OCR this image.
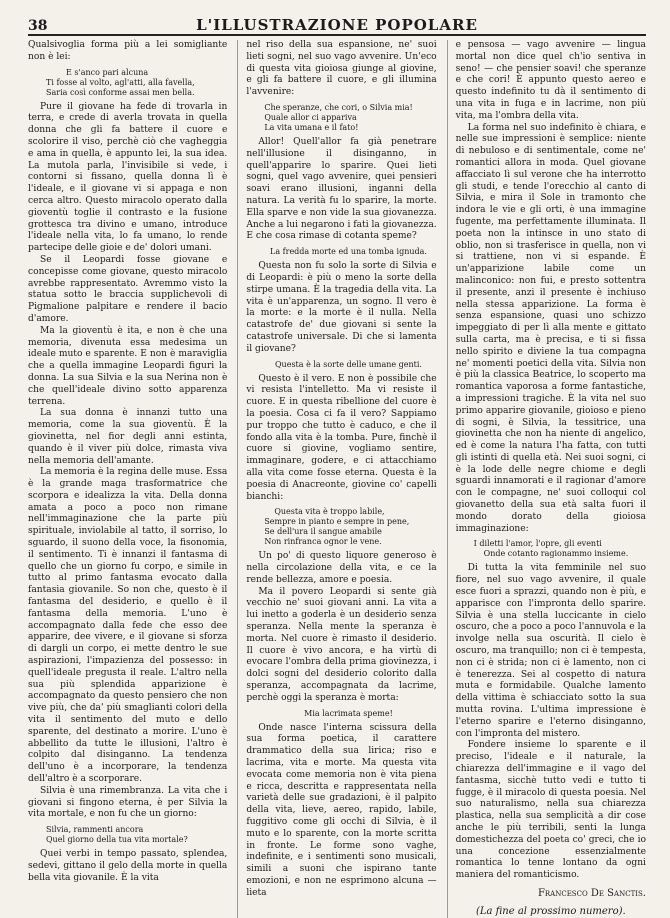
38	L'ILLUSTRAZIONE POPOLARE

Qualsivoglia forma più a lei somigliante non è lei:

E s'anco pari alcuna
Ti fosse al volto, agl'atti, alla favella,
Saria così conforme assai men bella.

Pure il giovane ha fede di trovarla in terra, e crede di averla trovata in quella donna che gli fa battere il cuore e scolorire il viso, perchè ciò che vagheggia e ama in quella, è appunto lei, la sua idea. La mutola parla, l'invisibile si vede, i contorni si fissano, quella donna lì è l'ideale, e il giovane vi si appaga e non cerca altro. Questo miracolo operato dalla gioventù toglie il contrasto e la fusione grottesca tra divino e umano, introduce l'ideale nella vita, lo fa umano, lo rende partecipe delle gioie e de' dolori umani.

Se il Leopardi fosse giovane e concepisse come giovane, questo miracolo avrebbe rappresentato. Avremmo visto la statua sotto le braccia supplichevoli di Pigmalione palpitare e rendere il bacio d'amore.

Ma la gioventù è ita, e non è che una memoria, divenuta essa medesima un ideale muto e sparente. E non è maraviglia che a quella immagine Leopardi figuri la donna. La sua Silvia e la sua Nerina non è che quell'ideale divino sotto apparenza terrena.

La sua donna è innanzi tutto una memoria, come la sua gioventù. È la giovinetta, nel fior degli anni estinta, quando è il viver più dolce, rimasta viva nella memoria dell'amante.

La memoria è la regina delle muse. Essa è la grande maga trasformatrice che scorpora e idealizza la vita. Della donna amata a poco a poco non rimane nell'immaginazione che la parte più spirituale, inviolabile al tatto, il sorriso, lo sguardo, il suono della voce, la fisonomia, il sentimento. Ti è innanzi il fantasma di quello che un giorno fu corpo, e simile in tutto al primo fantasma evocato dalla fantasia giovanile. So non che, questo è il fantasma del desiderio, e quello è il fantasma della memoria. L'uno è accompagnato dalla fede che esso dee apparire, dee vivere, e il giovane si sforza di dargli un corpo, ei mette dentro le sue aspirazioni, l'impazienza del possesso: in quell'ideale pregusta il reale. L'altro nella sua più splendida apparizione è accompagnato da questo pensiero che non vive più, che da' più smaglianti colori della vita il sentimento del muto e dello sparente, del destinato a morire. L'uno è abbellito da tutte le illusioni, l'altro è colpito dal disinganno. La tendenza dell'uno è a incorporare, la tendenza dell'altro è a scorporare.

Silvia è una rimembranza. La vita che i giovani si fingono eterna, è per Silvia la vita mortale, e non fu che un giorno:

Silvia, rammenti ancora
Quel giorno della tua vita mortale?

Quei verbi in tempo passato, splendea, sedevi, gittano il gelo della morte in quella bella vita giovanile. È la vita

nel riso della sua espansione, ne' suoi lieti sogni, nel suo vago avvenire. Un'eco di questa vita gioiosa giunge al giovine, e gli fa battere il cuore, e gli illumina l'avvenire:

Che speranze, che cori, o Silvia mia!
Quale allor ci appariva
La vita umana e il fato!

Allor! Quell'allor fa già penetrare nell'illusione il disinganno, in quell'apparire lo sparire. Quei lieti sogni, quel vago avvenire, quei pensieri soavi erano illusioni, inganni della natura. La verità fu lo sparire, la morte. Ella sparve e non vide la sua giovanezza. Anche a lui negarono i fati la giovanezza. E che cosa rimase di cotanta speme?

La fredda morte ed una tomba ignuda.

Questa non fu solo la sorte di Silvia e di Leopardi: è più o meno la sorte della stirpe umana. È la tragedia della vita. La vita è un'apparenza, un sogno. Il vero è la morte: e la morte è il nulla. Nella catastrofe de' due giovani si sente la catastrofe universale. Di che si lamenta il giovane?

Questa è la sorte delle umane genti.

Questo è il vero. E non è possibile che vi resista l'intelletto. Ma vi resiste il cuore. E in questa ribellione del cuore è la poesia. Cosa ci fa il vero? Sappiamo pur troppo che tutto è caduco, e che il fondo alla vita è la tomba. Pure, finchè il cuore si giovine, vogliamo sentire, immaginare, godere, e ci attacchiamo alla vita come fosse eterna. Questa è la poesia di Anacreonte, giovine co' capelli bianchi:

Questa vita è troppo labile,
Sempre in pianto e sempre in pene,
Se dell'ura il sangue amabile
Non rinfranca ognor le vene.

Un po' di questo liquore generoso è nella circolazione della vita, e ce la rende bellezza, amore e poesia.

Ma il povero Leopardi si sente già vecchio ne' suoi giovani anni. La vita a lui inetto a goderla è un desiderio senza speranza. Nella mente la speranza è morta. Nel cuore è rimasto il desiderio. Il cuore è vivo ancora, e ha virtù di evocare l'ombra della prima giovinezza, i dolci sogni del desiderio colorito dalla speranza, accompagnata da lacrime, perchè oggi la speranza è morta:

Mia lacrimata speme!

Onde nasce l'interna scissura della sua forma poetica, il carattere drammatico della sua lirica; riso e lacrima, vita e morte. Ma questa vita evocata come memoria non è vita piena e ricca, descritta e rappresentata nella varietà delle sue gradazioni, è il palpito della vita, lieve, aereo, rapido, labile, fuggitivo come gli occhi di Silvia, è il muto e lo sparente, con la morte scritta in fronte. Le forme sono vaghe, indefinite, e i sentimenti sono musicali, simili a suoni che ispirano tante emozioni, e non ne esprimono alcuna — lieta

e pensosa — vago avvenire — lingua mortal non dice quel ch'io sentiva in seno! — che pensier soavi! che speranze e che cori! È appunto questo aereo e questo indefinito tu dà il sentimento di una vita in fuga e in lacrime, non più vita, ma l'ombra della vita.

La forma nel suo indefinito è chiara, e nelle sue impressioni è semplice: niente di nebuloso e di sentimentale, come ne' romantici allora in moda. Quel giovane affacciato lì sul verone che ha interrotto gli studi, e tende l'orecchio al canto di Silvia, e mira il Sole in tramonto che indora le vie e gli orti, è una immagine fugente, ma perfettamente illuminata. Il poeta non la intinsce in uno stato di oblio, non si trasferisce in quella, non vi si trattiene, non vi si espande. È un'apparizione labile come un malinconico: non fui, e presto sottentra il presente, anzi il presente è inchiuso nella stessa apparizione. La forma è senza espansione, quasi uno schizzo impeggiato di per lì alla mente e gittato sulla carta, ma è precisa, e ti si fissa nello spirito e diviene la tua compagna ne' momenti poetici della vita. Silvia non è più la classica Beatrice, lo scoperto ma romantica vaporosa a forme fantastiche, a impressioni tragiche. È la vita nel suo primo apparire giovanile, gioioso e pieno di sogni, è Silvia, la tessitrice, una giovinetta che non ha niente di angelico, ed è come la natura l'ha fatta, con tutti gli istinti di quella età. Nei suoi sogni, ci è la lode delle negre chiome e degli sguardi innamorati e il ragionar d'amore con le compagne, ne' suoi colloqui col giovanetto della sua età salta fuori il mondo dorato della gioiosa immaginazione:

I diletti l'amor, l'opre, gli eventi
Onde cotanto ragionammo insieme.

Di tutta la vita femminile nel suo fiore, nel suo vago avvenire, il quale esce fuori a sprazzi, quando non è più, e apparisce con l'impronta dello sparire. Silvia è una stella luccicante in cielo oscuro, che a poco a poco l'annuvola e la involge nella sua oscurità. Il cielo è oscuro, ma tranquillo; non ci è tempesta, non ci è strida; non ci è lamento, non ci è tenerezza. Sei al cospetto di natura muta e formidabile. Qualche lamento della vittima è schiacciato sotto la sua mutta rovina. L'ultima impressione è l'eterno sparire e l'eterno disinganno, con l'impronta del mistero.

Fondere insieme lo sparente e il preciso, l'ideale e il naturale, la chiarezza dell'immagine e il vago del fantasma, sicchè tutto vedi e tutto ti fugge, è il miracolo di questa poesia. Nel suo naturalismo, nella sua chiarezza plastica, nella sua semplicità a dir cose anche le più terribili, senti la lunga domestichezza del poeta co' greci, che io una concezione essenzialmente romantica lo tenne lontano da ogni maniera del romanticismo.

Francesco De Sanctis.
(La fine al prossimo numero).
